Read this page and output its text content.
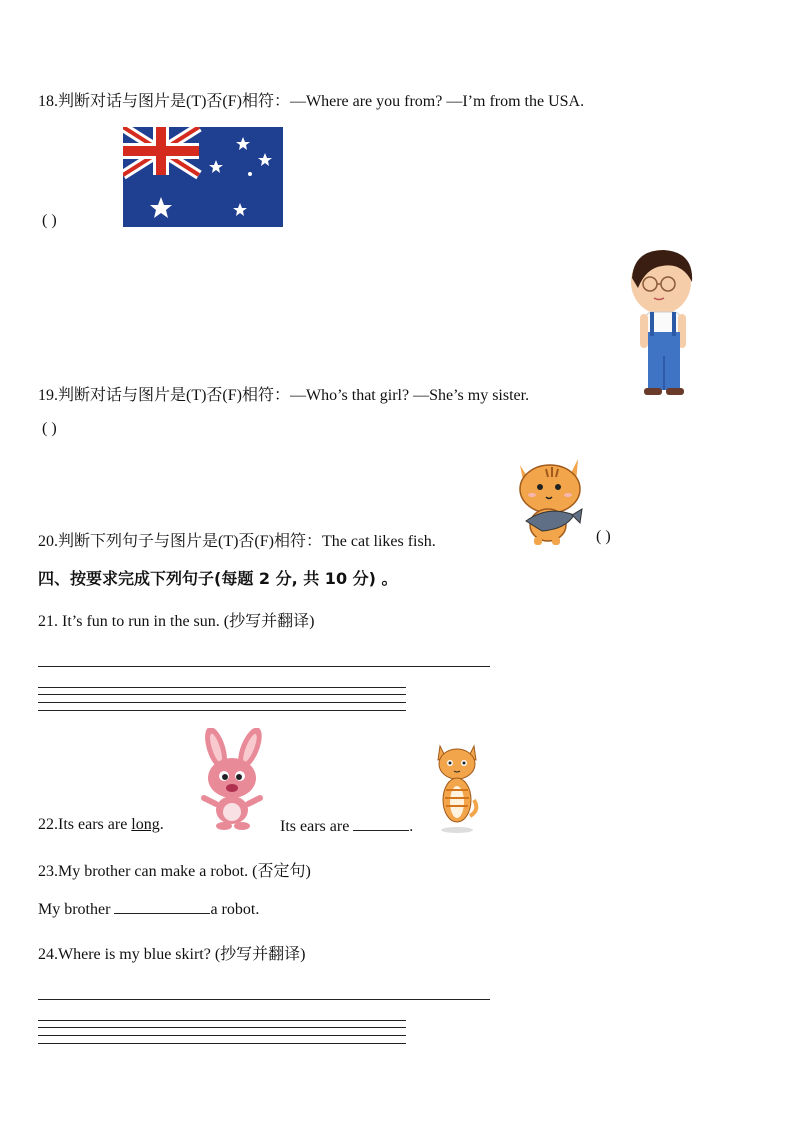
18.判断对话与图片是(T)否(F)相符：—Where are you from? —I’m from the USA.
( )
19.判断对话与图片是(T)否(F)相符：—Who’s that girl? —She’s my sister.
( )
20.判断下列句子与图片是(T)否(F)相符：The cat likes fish.	( )
四、按要求完成下列句子(每题 2 分, 共 10 分) 。
21. It’s fun to run in the sun. (抄写并翻译)
22.Its ears are long.	Its ears are	.
23.My brother can make a robot. (否定句)
My brother	a robot.
24.Where is my blue skirt? (抄写并翻译)
